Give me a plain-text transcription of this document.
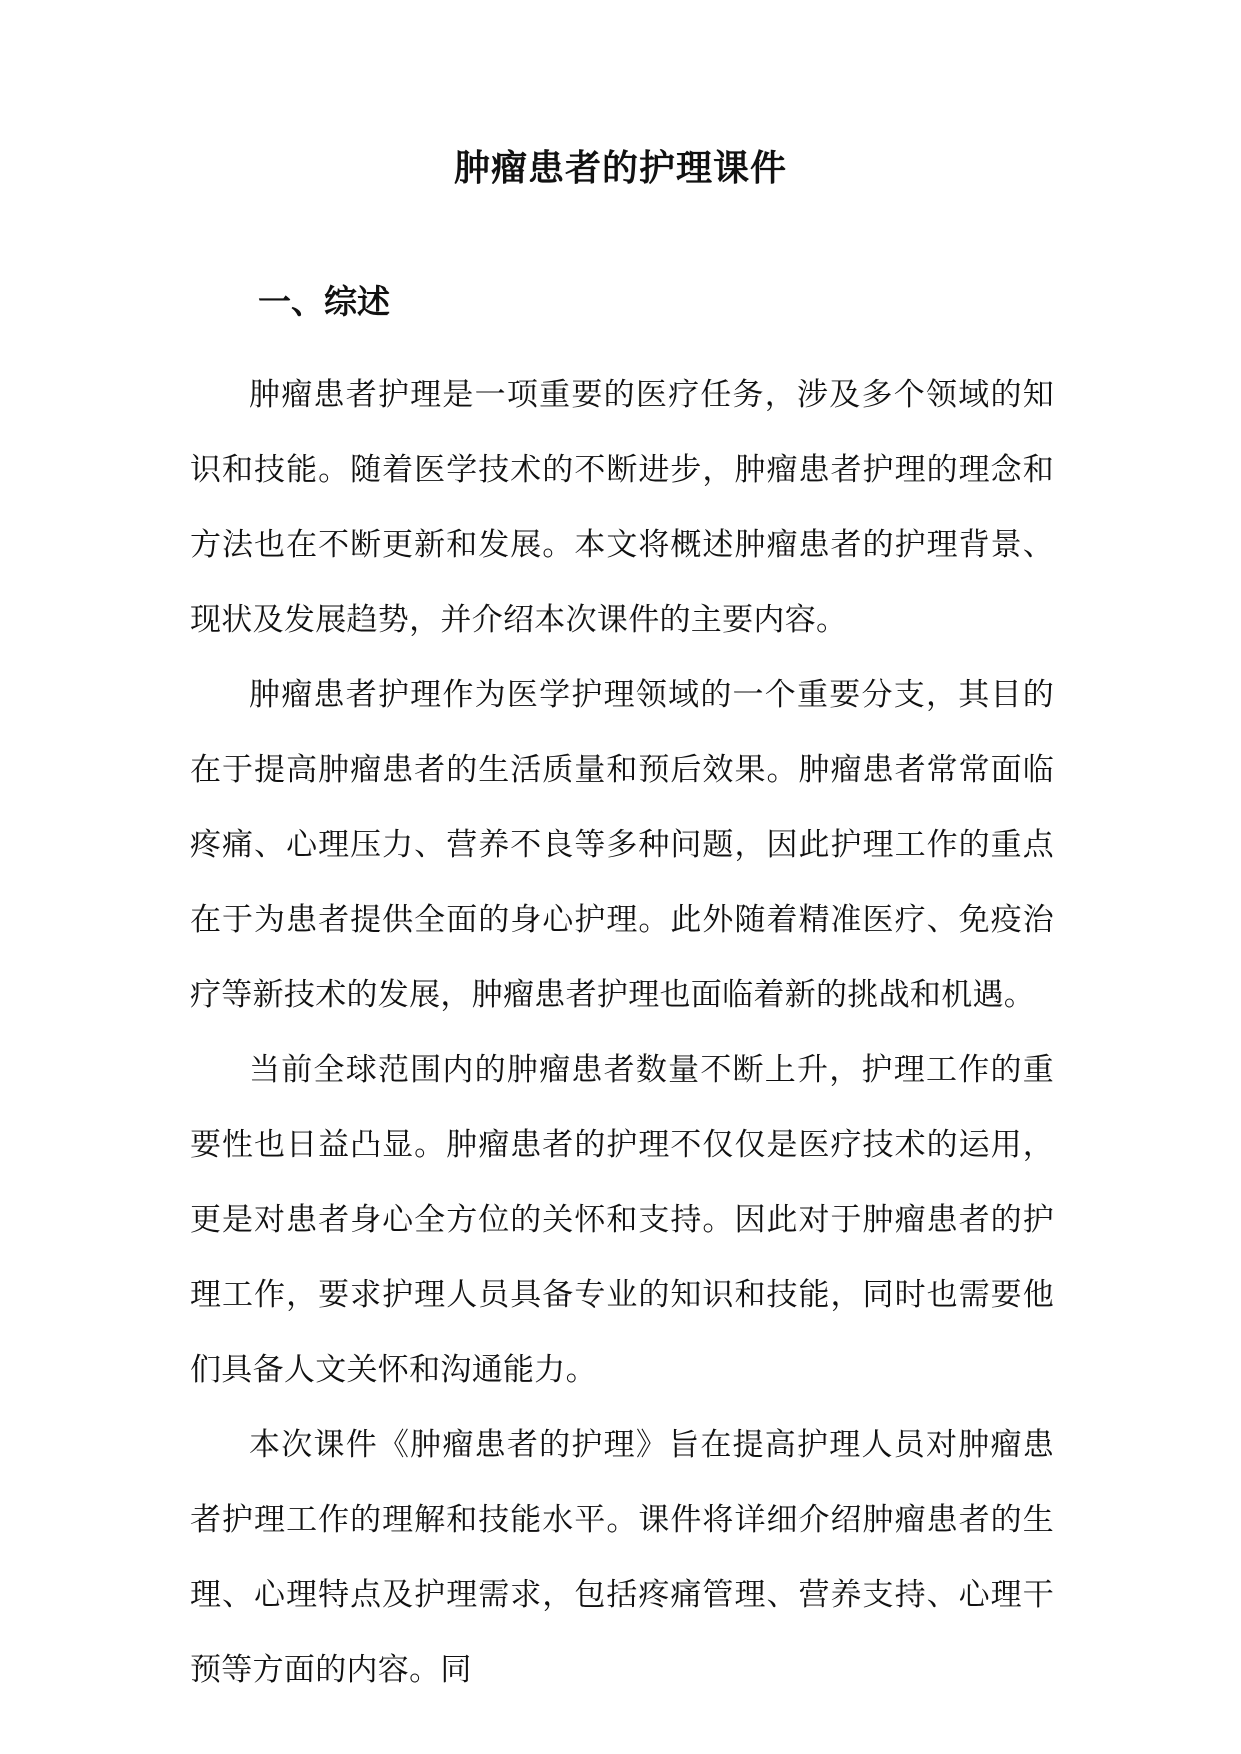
肿瘤患者的护理课件
一、综述

肿瘤患者护理是一项重要的医疗任务，涉及多个领域的知识和技能。随着医学技术的不断进步，肿瘤患者护理的理念和方法也在不断更新和发展。本文将概述肿瘤患者的护理背景、现状及发展趋势，并介绍本次课件的主要内容。

肿瘤患者护理作为医学护理领域的一个重要分支，其目的在于提高肿瘤患者的生活质量和预后效果。肿瘤患者常常面临疼痛、心理压力、营养不良等多种问题，因此护理工作的重点在于为患者提供全面的身心护理。此外随着精准医疗、免疫治疗等新技术的发展，肿瘤患者护理也面临着新的挑战和机遇。

当前全球范围内的肿瘤患者数量不断上升，护理工作的重要性也日益凸显。肿瘤患者的护理不仅仅是医疗技术的运用，更是对患者身心全方位的关怀和支持。因此对于肿瘤患者的护理工作，要求护理人员具备专业的知识和技能，同时也需要他们具备人文关怀和沟通能力。

本次课件《肿瘤患者的护理》旨在提高护理人员对肿瘤患者护理工作的理解和技能水平。课件将详细介绍肿瘤患者的生理、心理特点及护理需求，包括疼痛管理、营养支持、心理干预等方面的内容。同
